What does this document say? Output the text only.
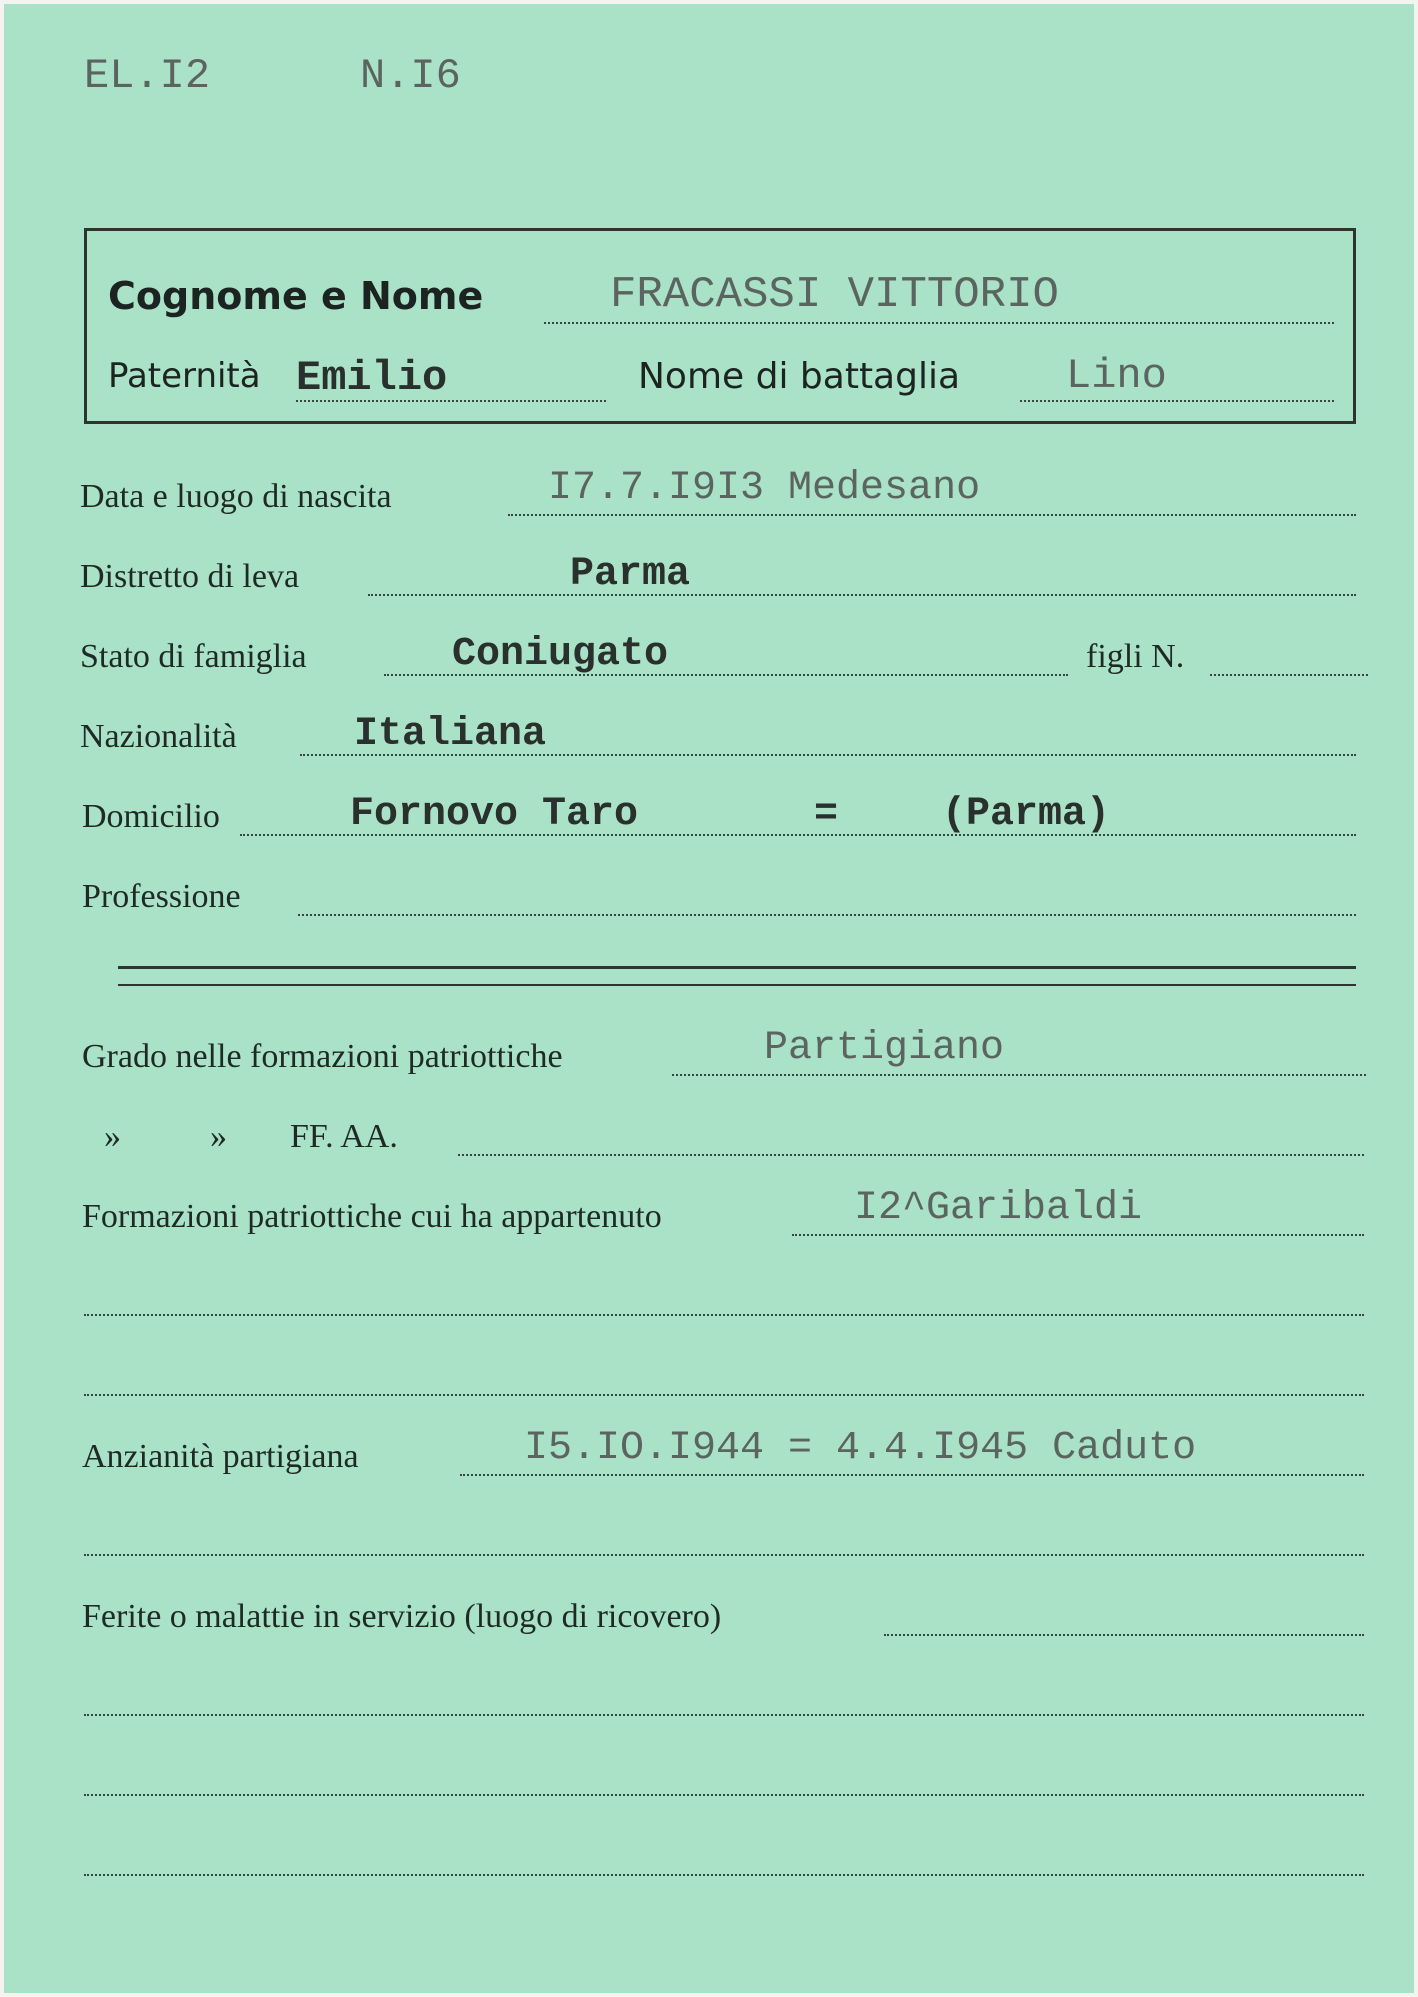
EL.I2	N.I6
Cognome e Nome	FRACASSI VITTORIO
Paternità Emilio	Nome di battaglia	Lino
Data e luogo di nascita	I7.7.I9I3 Medesano
Distretto di leva	Parma
Stato di famiglia	Coniugato	figli N.
Nazionalità	Italiana
Domicilio	Fornovo Taro	=	(Parma)
Professione
Grado nelle formazioni patriottiche	Partigiano
»	» FF. AA.
Formazioni patriottiche cui ha appartenuto	I2^Garibaldi
Anzianità partigiana	I5.IO.I944 = 4.4.I945 Caduto
Ferite o malattie in servizio (luogo di ricovero)
